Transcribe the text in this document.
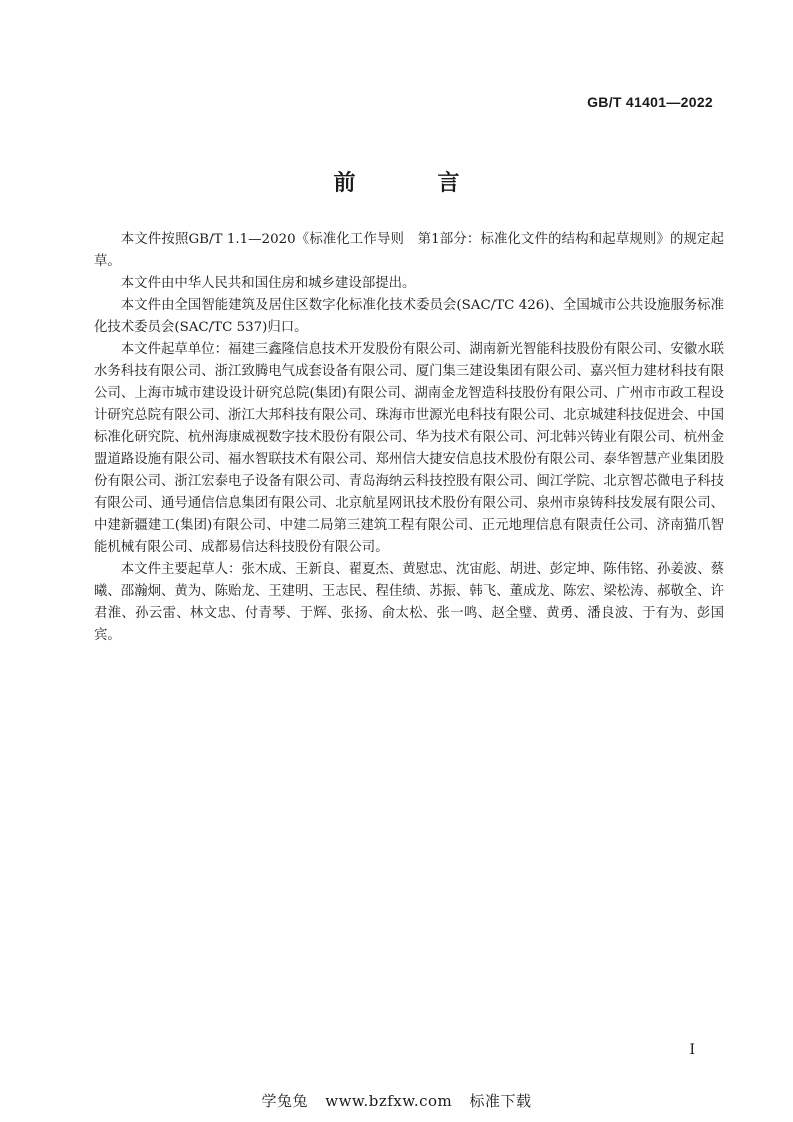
GB/T 41401—2022
前　言

本文件按照GB/T 1.1—2020《标准化工作导则　第1部分：标准化文件的结构和起草规则》的规定起草。

本文件由中华人民共和国住房和城乡建设部提出。

本文件由全国智能建筑及居住区数字化标准化技术委员会(SAC/TC 426)、全国城市公共设施服务标准化技术委员会(SAC/TC 537)归口。

本文件起草单位：福建三鑫隆信息技术开发股份有限公司、湖南新光智能科技股份有限公司、安徽水联水务科技有限公司、浙江致腾电气成套设备有限公司、厦门集三建设集团有限公司、嘉兴恒力建材科技有限公司、上海市城市建设设计研究总院(集团)有限公司、湖南金龙智造科技股份有限公司、广州市市政工程设计研究总院有限公司、浙江大邦科技有限公司、珠海市世源光电科技有限公司、北京城建科技促进会、中国标准化研究院、杭州海康威视数字技术股份有限公司、华为技术有限公司、河北韩兴铸业有限公司、杭州金盟道路设施有限公司、福水智联技术有限公司、郑州信大捷安信息技术股份有限公司、泰华智慧产业集团股份有限公司、浙江宏泰电子设备有限公司、青岛海纳云科技控股有限公司、闽江学院、北京智芯微电子科技有限公司、通号通信信息集团有限公司、北京航星网讯技术股份有限公司、泉州市泉铸科技发展有限公司、中建新疆建工(集团)有限公司、中建二局第三建筑工程有限公司、正元地理信息有限责任公司、济南猫爪智能机械有限公司、成都易信达科技股份有限公司。

本文件主要起草人：张木成、王新良、翟夏杰、黄慰忠、沈宙彪、胡进、彭定坤、陈伟铭、孙姜波、蔡曦、邵瀚炯、黄为、陈贻龙、王建明、王志民、程佳绩、苏振、韩飞、董成龙、陈宏、梁松涛、郝敬全、许君淮、孙云雷、林文忠、付青琴、于辉、张扬、俞太松、张一鸣、赵全璧、黄勇、潘良波、于有为、彭国宾。

I
学兔兔 www.bzfxw.com 标准下载
